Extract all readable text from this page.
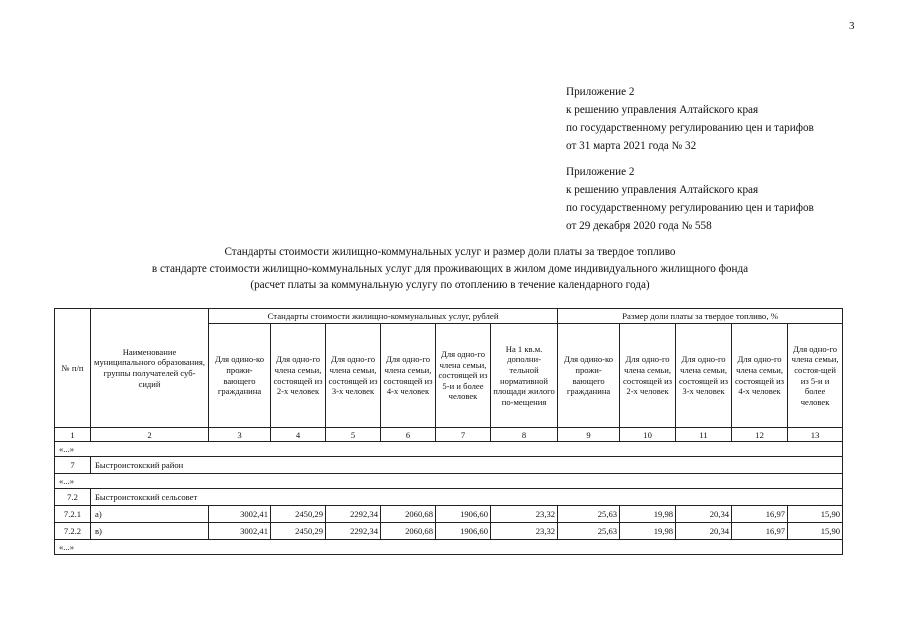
3
Приложение 2
к решению управления Алтайского края
по государственному регулированию цен и тарифов
от 31 марта 2021 года № 32
Приложение 2
к решению управления Алтайского края
по государственному регулированию цен и тарифов
от 29 декабря 2020 года № 558
Стандарты стоимости жилищно-коммунальных услуг и размер доли платы за твердое топливо
в стандарте стоимости жилищно-коммунальных услуг для проживающих в жилом доме индивидуального жилищного фонда
(расчет платы за коммунальную услугу по отоплению в течение календарного года)
№ п/п	Наименование муниципального образования, группы получателей суб-сидий	Стандарты стоимости жилищно-коммунальных услуг, рублей						Размер доли платы за твердое топливо, %				
		Для одино-ко прожи-вающего гражданина	Для одно-го члена семьи, состоящей из 2-х человек	Для одно-го члена семьи, состоящей из 3-х человек	Для одно-го члена семьи, состоящей из 4-х человек	Для одно-го члена семьи, состоящей из 5-и и более человек	На 1 кв.м. дополни-тельной нормативной площади жилого по-мещения	Для одино-ко прожи-вающего гражданина	Для одно-го члена семьи, состоящей из 2-х человек	Для одно-го члена семьи, состоящей из 3-х человек	Для одно-го члена семьи, состоящей из 4-х человек	Для одно-го члена семьи, состоя-щей из 5-и и более человек
1	2	3	4	5	6	7	8	9	10	11	12	13
«...»												
7	Быстроистокский район											
«...»												
7.2	Быстроистокский сельсовет											
7.2.1	а)	3002,41	2450,29	2292,34	2060,68	1906,60	23,32	25,63	19,98	20,34	16,97	15,90
7.2.2	в)	3002,41	2450,29	2292,34	2060,68	1906,60	23,32	25,63	19,98	20,34	16,97	15,90
«...»												
